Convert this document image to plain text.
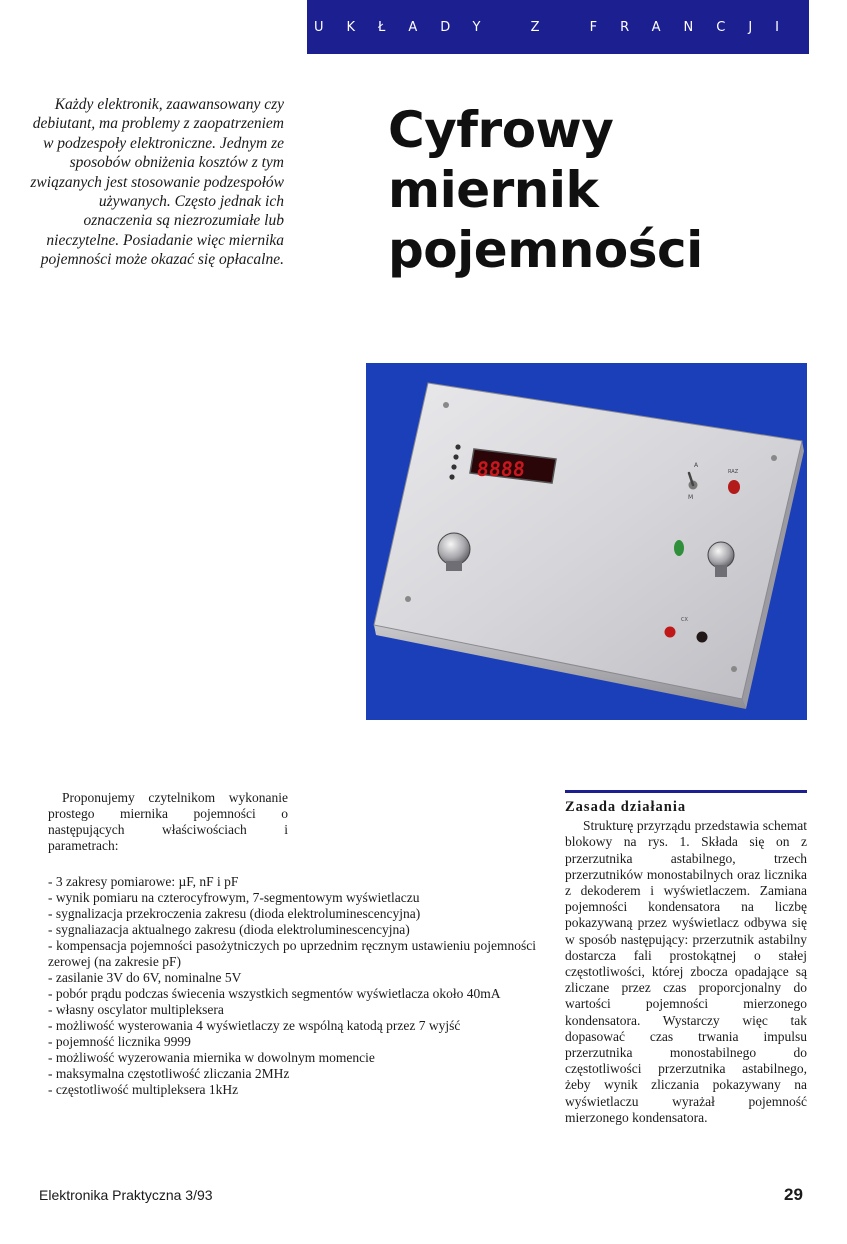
UKŁADY Z FRANCJI
Każdy elektronik, zaawansowany czy debiutant, ma problemy z zaopatrzeniem w podzespoły elektroniczne. Jednym ze sposobów obniżenia kosztów z tym związanych jest stosowanie podzespołów używanych. Często jednak ich oznaczenia są niezrozumiałe lub nieczytelne. Posiadanie więc miernika pojemności może okazać się opłacalne.
Cyfrowy
miernik
pojemności
8888	A
M
RAZ
CX

Proponujemy czytelnikom wykonanie prostego miernika pojemności o następujących właściwościach i parametrach:

- 3 zakresy pomiarowe: µF, nF i pF
- wynik pomiaru na czterocyfrowym, 7-segmentowym wyświetlaczu
- sygnalizacja przekroczenia zakresu (dioda elektroluminescencyjna)
- sygnaliazacja aktualnego zakresu (dioda elektroluminescencyjna)
- kompensacja pojemności pasożytniczych po uprzednim ręcznym ustawieniu pojemności zerowej (na zakresie pF)
- zasilanie 3V do 6V, nominalne 5V
- pobór prądu podczas świecenia wszystkich segmentów wyświetlacza około 40mA
- własny oscylator multipleksera
- możliwość wysterowania 4 wyświetlaczy ze wspólną katodą przez 7 wyjść
- pojemność licznika 9999
- możliwość wyzerowania miernika w dowolnym momencie
- maksymalna częstotliwość zliczania 2MHz
- częstotliwość multipleksera 1kHz
Zasada działania

Strukturę przyrządu przedstawia schemat blokowy na rys. 1. Składa się on z przerzutnika astabilnego, trzech przerzutników monostabilnych oraz licznika z dekoderem i wyświetlaczem. Zamiana pojemności kondensatora na liczbę pokazywaną przez wyświetlacz odbywa się w sposób następujący: przerzutnik astabilny dostarcza fali prostokątnej o stałej częstotliwości, której zbocza opadające są zliczane przez czas proporcjonalny do wartości pojemności mierzonego kondensatora. Wystarczy więc tak dopasować czas trwania impulsu przerzutnika monostabilnego do częstotliwości przerzutnika astabilnego, żeby wynik zliczania pokazywany na wyświetlaczu wyrażał pojemność mierzonego kondensatora.

Elektronika Praktyczna 3/93	29
